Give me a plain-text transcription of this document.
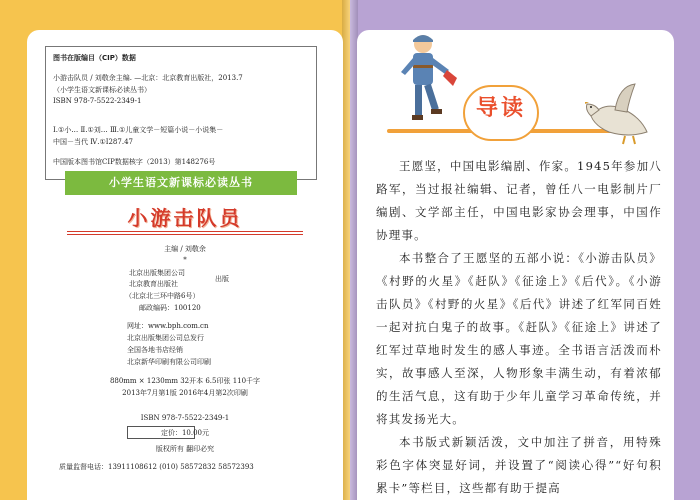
图书在版编目（CIP）数据
小游击队员 / 刘敬余主编. —北京：北京教育出版社，2013.7
（小学生语文新课标必读丛书）
ISBN 978-7-5522-2349-1
Ⅰ.①小… Ⅱ.①刘… Ⅲ.①儿童文学－短篇小说－小说集－
中国－当代 Ⅳ.①I287.47
中国版本图书馆CIP数据核字（2013）第148276号
小学生语文新课标必读丛书
小游击队员
主编 / 刘敬余
*
北京出版集团公司
北京教育出版社
出版
（北京北三环中路6号）
邮政编码：100120
网址：www.bph.com.cn
北京出版集团公司总发行
全国各地书店经销
北京新华印刷有限公司印刷
880mm × 1230mm 32开本 6.5印张 110千字
2013年7月第1版 2016年4月第2次印刷
ISBN 978-7-5522-2349-1
定价：10.00元
版权所有 翻印必究
质量监督电话：13911108612 (010) 58572832 58572393
导读

王愿坚，中国电影编剧、作家。1945年参加八路军，当过报社编辑、记者，曾任八一电影制片厂编剧、文学部主任，中国电影家协会理事，中国作协理事。

本书整合了王愿坚的五部小说：《小游击队员》《村野的火星》《赶队》《征途上》《后代》。《小游击队员》《村野的火星》《后代》讲述了红军同百姓一起对抗白鬼子的故事。《赶队》《征途上》讲述了红军过草地时发生的感人事迹。全书语言活泼而朴实，故事感人至深，人物形象丰满生动，有着浓郁的生活气息，这有助于少年儿童学习革命传统，并将其发扬光大。

本书版式新颖活泼，文中加注了拼音，用特殊彩色字体突显好词，并设置了“阅读心得”“好句积累卡”等栏目，这些都有助于提高
